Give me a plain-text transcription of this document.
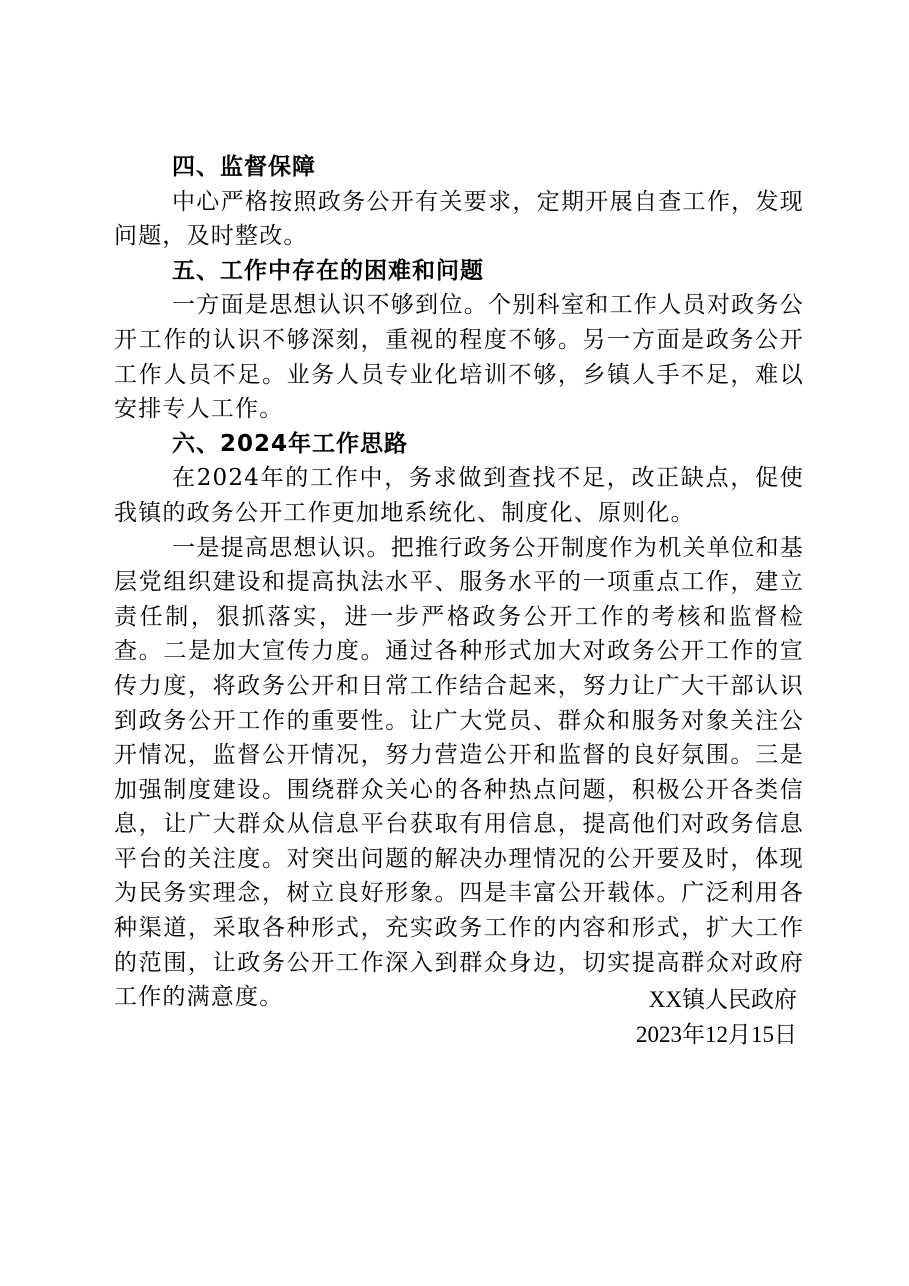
四、监督保障

中心严格按照政务公开有关要求，定期开展自查工作，发现问题，及时整改。

五、工作中存在的困难和问题

一方面是思想认识不够到位。个别科室和工作人员对政务公开工作的认识不够深刻，重视的程度不够。另一方面是政务公开工作人员不足。业务人员专业化培训不够，乡镇人手不足，难以安排专人工作。

六、2024年工作思路

在2024年的工作中，务求做到查找不足，改正缺点，促使我镇的政务公开工作更加地系统化、制度化、原则化。

一是提高思想认识。把推行政务公开制度作为机关单位和基层党组织建设和提高执法水平、服务水平的一项重点工作，建立责任制，狠抓落实，进一步严格政务公开工作的考核和监督检查。二是加大宣传力度。通过各种形式加大对政务公开工作的宣传力度，将政务公开和日常工作结合起来，努力让广大干部认识到政务公开工作的重要性。让广大党员、群众和服务对象关注公开情况，监督公开情况，努力营造公开和监督的良好氛围。三是加强制度建设。围绕群众关心的各种热点问题，积极公开各类信息，让广大群众从信息平台获取有用信息，提高他们对政务信息平台的关注度。对突出问题的解决办理情况的公开要及时，体现为民务实理念，树立良好形象。四是丰富公开载体。广泛利用各种渠道，采取各种形式，充实政务工作的内容和形式，扩大工作的范围，让政务公开工作深入到群众身边，切实提高群众对政府工作的满意度。	XX镇人民政府
2023年12月15日
